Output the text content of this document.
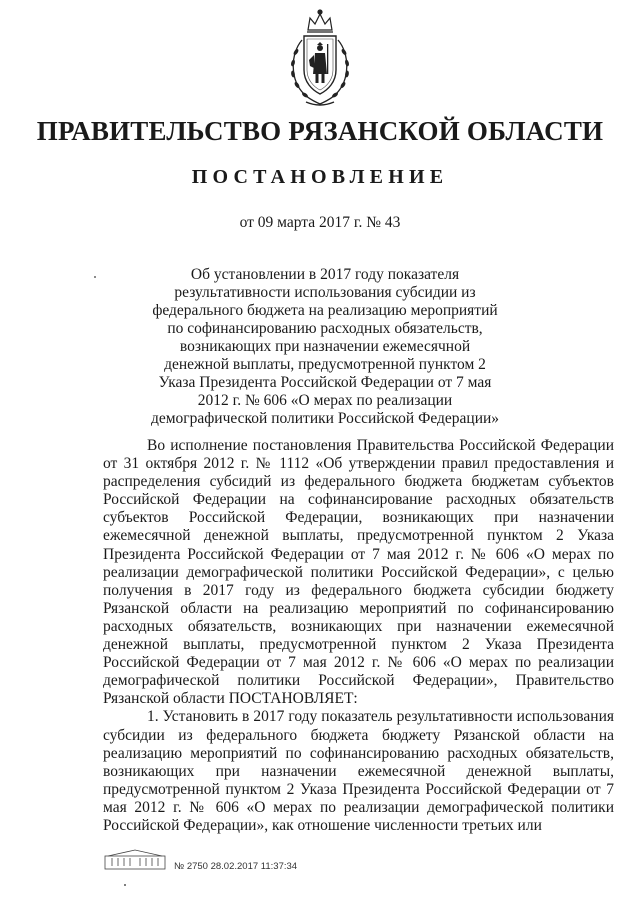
ПРАВИТЕЛЬСТВО РЯЗАНСКОЙ ОБЛАСТИ
ПОСТАНОВЛЕНИЕ
от 09 марта 2017 г. № 43
Об установлении в 2017 году показателя результативности использования субсидии из федерального бюджета на реализацию мероприятий по софинансированию расходных обязательств, возникающих при назначении ежемесячной денежной выплаты, предусмотренной пунктом 2 Указа Президента Российской Федерации от 7 мая 2012 г. № 606 «О мерах по реализации демографической политики Российской Федерации»

Во исполнение постановления Правительства Российской Федерации от 31 октября 2012 г. № 1112 «Об утверждении правил предоставления и распределения субсидий из федерального бюджета бюджетам субъектов Российской Федерации на софинансирование расходных обязательств субъектов Российской Федерации, возникающих при назначении ежемесячной денежной выплаты, предусмотренной пунктом 2 Указа Президента Российской Федерации от 7 мая 2012 г. № 606 «О мерах по реализации демографической политики Российской Федерации», с целью получения в 2017 году из федерального бюджета субсидии бюджету Рязанской области на реализацию мероприятий по софинансированию расходных обязательств, возникающих при назначении ежемесячной денежной выплаты, предусмотренной пунктом 2 Указа Президента Российской Федерации от 7 мая 2012 г. № 606 «О мерах по реализации демографической политики Российской Федерации», Правительство Рязанской области ПОСТАНОВЛЯЕТ:

1. Установить в 2017 году показатель результативности использования субсидии из федерального бюджета бюджету Рязанской области на реализацию мероприятий по софинансированию расходных обязательств, возникающих при назначении ежемесячной денежной выплаты, предусмотренной пунктом 2 Указа Президента Российской Федерации от 7 мая 2012 г. № 606 «О мерах по реализации демографической политики Российской Федерации», как отношение численности третьих или

№ 2750 28.02.2017 11:37:34
